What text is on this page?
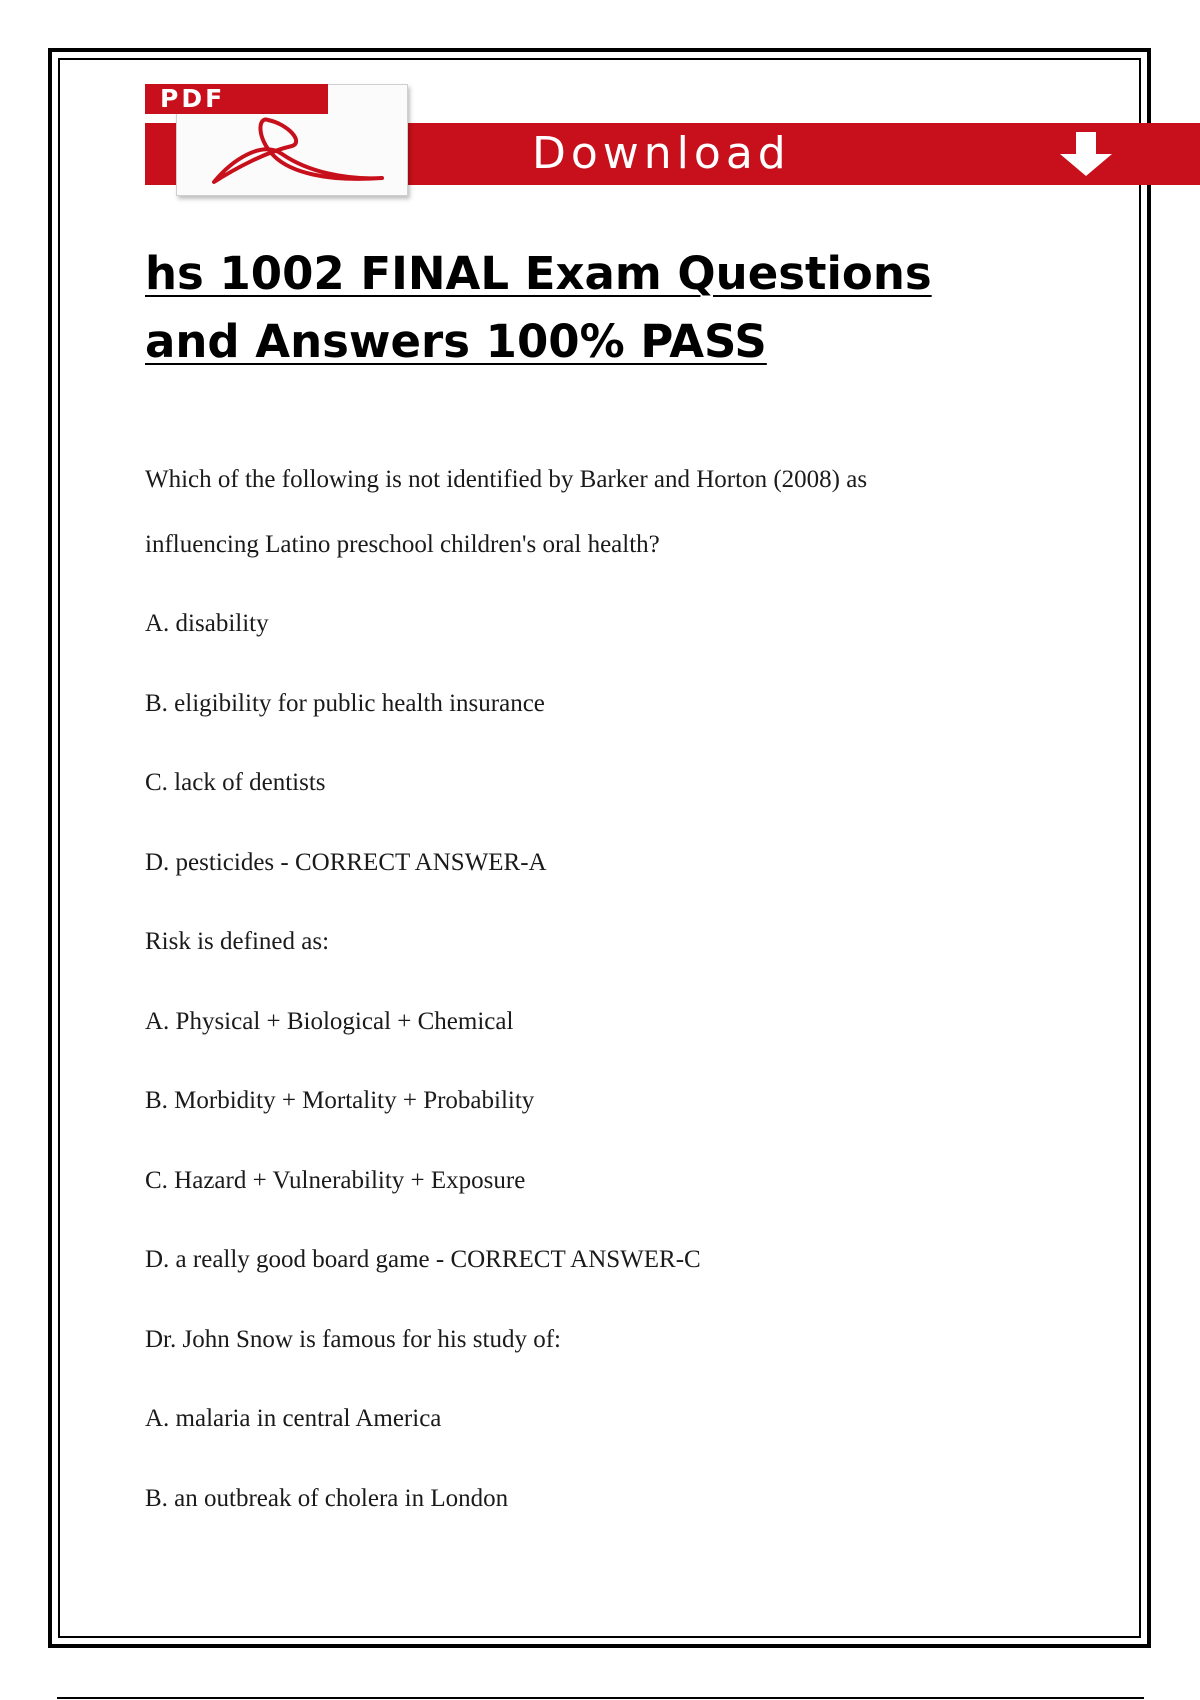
Download
PDF
hs 1002 FINAL Exam Questions
and Answers 100% PASS
Which of the following is not identified by Barker and Horton (2008) as
influencing Latino preschool children's oral health?
A. disability
B. eligibility for public health insurance
C. lack of dentists
D. pesticides - CORRECT ANSWER-A
Risk is defined as:
A. Physical + Biological + Chemical
B. Morbidity + Mortality + Probability
C. Hazard + Vulnerability + Exposure
D. a really good board game - CORRECT ANSWER-C
Dr. John Snow is famous for his study of:
A. malaria in central America
B. an outbreak of cholera in London
